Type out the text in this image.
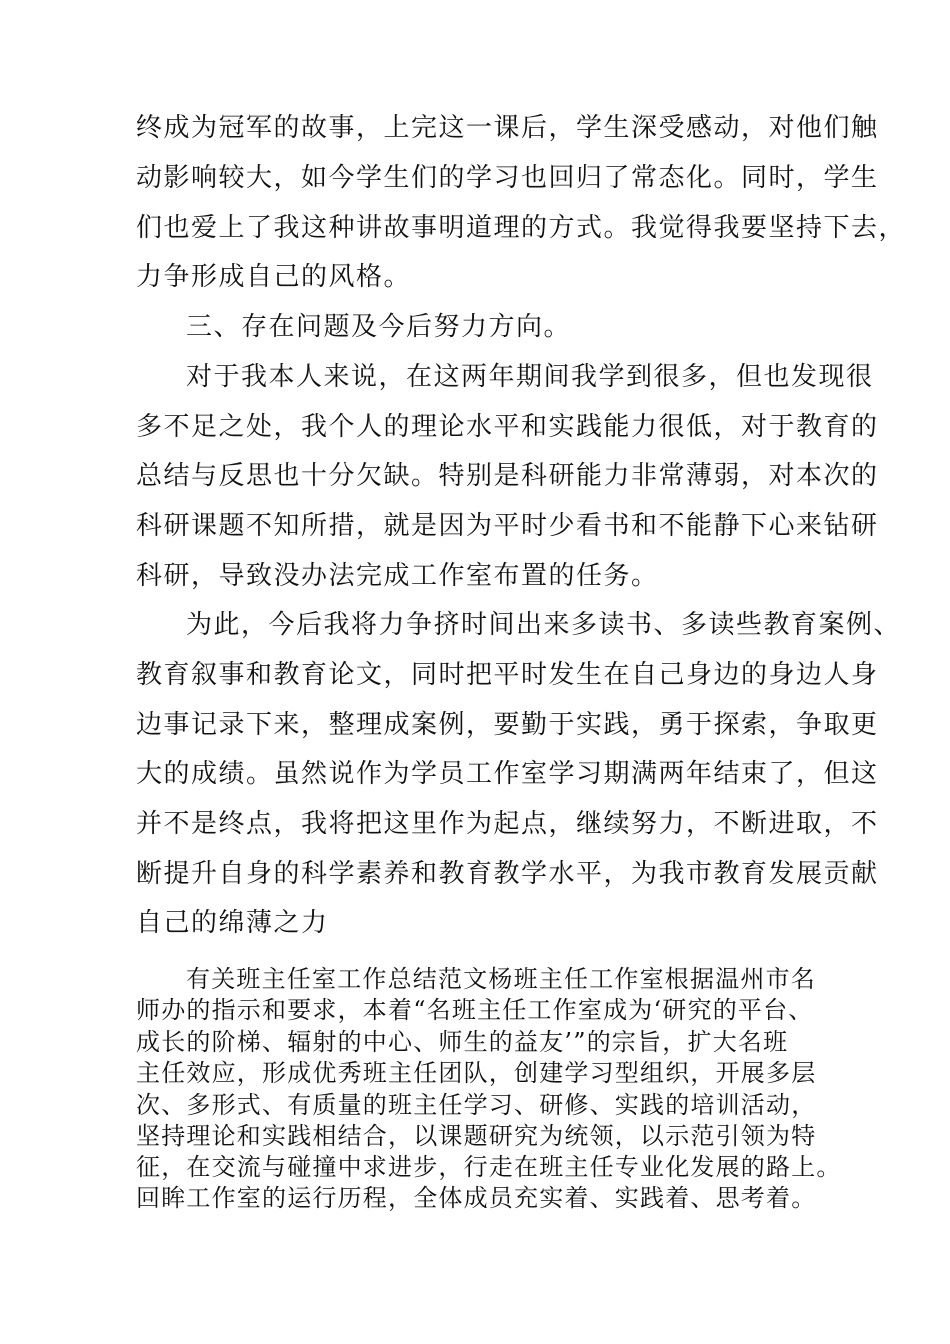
终成为冠军的故事，上完这一课后，学生深受感动，对他们触
动影响较大，如今学生们的学习也回归了常态化。同时，学生
们也爱上了我这种讲故事明道理的方式。我觉得我要坚持下去，
力争形成自己的风格。
三、存在问题及今后努力方向。
对于我本人来说，在这两年期间我学到很多，但也发现很
多不足之处，我个人的理论水平和实践能力很低，对于教育的
总结与反思也十分欠缺。特别是科研能力非常薄弱，对本次的
科研课题不知所措，就是因为平时少看书和不能静下心来钻研
科研，导致没办法完成工作室布置的任务。
为此，今后我将力争挤时间出来多读书、多读些教育案例、
教育叙事和教育论文，同时把平时发生在自己身边的身边人身
边事记录下来，整理成案例，要勤于实践，勇于探索，争取更
大的成绩。虽然说作为学员工作室学习期满两年结束了，但这
并不是终点，我将把这里作为起点，继续努力，不断进取，不
断提升自身的科学素养和教育教学水平，为我市教育发展贡献
自己的绵薄之力
有关班主任室工作总结范文杨班主任工作室根据温州市名
师办的指示和要求，本着“名班主任工作室成为‘研究的平台、
成长的阶梯、辐射的中心、师生的益友’”的宗旨，扩大名班
主任效应，形成优秀班主任团队，创建学习型组织，开展多层
次、多形式、有质量的班主任学习、研修、实践的培训活动，
坚持理论和实践相结合，以课题研究为统领，以示范引领为特
征，在交流与碰撞中求进步，行走在班主任专业化发展的路上。
回眸工作室的运行历程，全体成员充实着、实践着、思考着。
